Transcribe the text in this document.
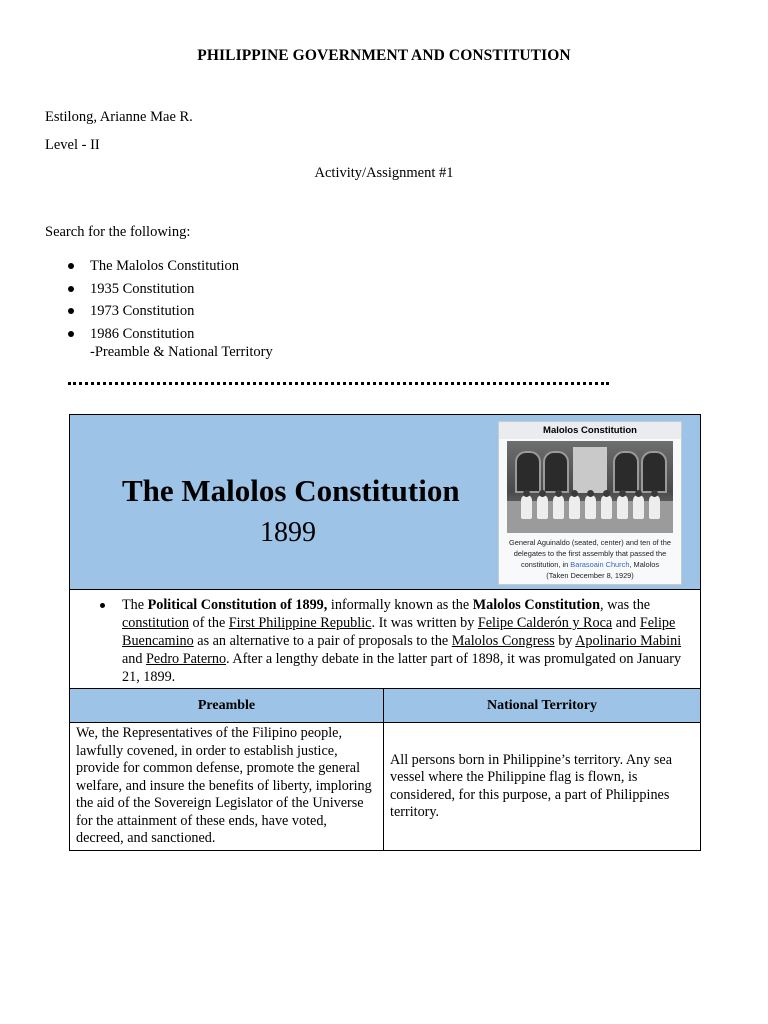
PHILIPPINE GOVERNMENT AND CONSTITUTION
Estilong, Arianne Mae R.
Level - II
Activity/Assignment #1
Search for the following:
The Malolos Constitution
1935 Constitution
1973 Constitution
1986 Constitution
-Preamble & National Territory
The Malolos Constitution
1899
Malolos Constitution
General Aguinaldo (seated, center) and ten of the delegates to the first assembly that passed the constitution, in Barasoain Church, Malolos
(Taken December 8, 1929)	

The Political Constitution of 1899, informally known as the Malolos Constitution, was the constitution of the First Philippine Republic. It was written by Felipe Calderón y Roca and Felipe Buencamino as an alternative to a pair of proposals to the Malolos Congress by Apolinario Mabini and Pedro Paterno. After a lengthy debate in the latter part of 1898, it was promulgated on January 21, 1899.	

Preamble	National Territory
We, the Representatives of the Filipino people, lawfully covened, in order to establish justice, provide for common defense, promote the general welfare, and insure the benefits of liberty, imploring the aid of the Sovereign Legislator of the Universe for the attainment of these ends, have voted, decreed, and sanctioned.	All persons born in Philippine’s territory. Any sea vessel where the Philippine flag is flown, is considered, for this purpose, a part of Philippines territory.
